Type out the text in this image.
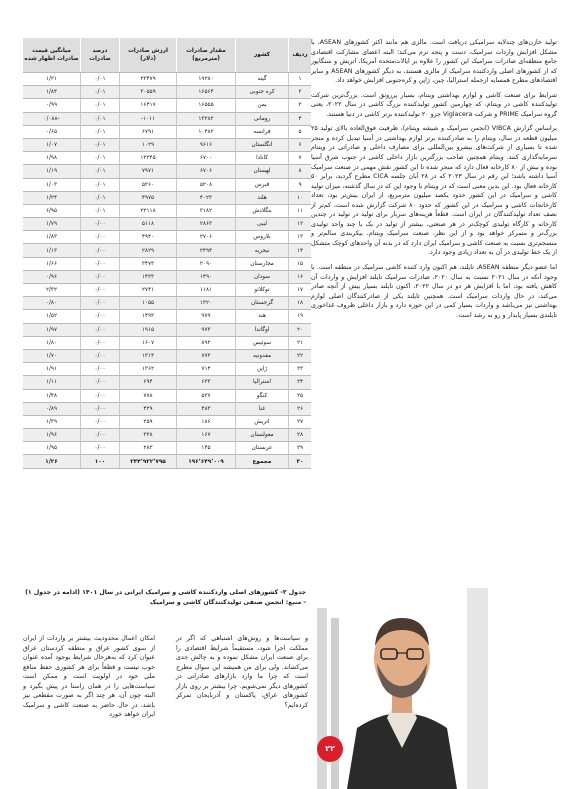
تولید خازن‌های چندلایه سرامیکی دریافت است. مالزی هم مانند اکثر کشورهای ASEAN، با مشکل افزایش واردات سرامیک، دست‌ و پنجه نرم می‌کند؛ البته اعضای مشارکت اقتصادی جامع منطقه‌ای صادرات سرامیک این کشور را علاوه بر ایالات‌متحده آمریکا، اتریش و سنگاپور که از کشورهای اصلی واردکننده سرامیک از مالزی هستند، به دیگر کشورهای ASEAN و سایر اقتصادهای مطرح همسایه ازجمله استرالیا، چین، ژاپن و کره‌جنوبی افزایش خواهد داد.

شرایط برای صنعت کاشی و لوازم بهداشتی ویتنام، بسیار پررونق است. بزرگ‌ترین شرکت تولیدکننده کاشی در ویتنام، که چهارمین کشور تولیدکننده بزرگ کاشی در سال ۲۰۲۲، یعنی گروه سرامیک PRIME و شرکت Viglacera جزو ۲۰ تولیدکننده برتر کاشی در دنیا هستند.

براساس گزارش VIBCA (انجمن سرامیک و شیشه ویتنام)، ظرفیت فوق‌العاده بالای تولید ۲۵ میلیون قطعه در سال، ویتنام را به صادرکننده برتر لوازم بهداشتی در آسیا تبدیل کرده و منجر شده تا بسیاری از شرکت‌های بیشرو بین‌المللی برای مصارف داخلی و صادراتی در ویتنام سرمایه‌گذاری کنند. ویتنام همچنین صاحب بزرگترین بازار داخلی کاشی در جنوب شرق آسیا بوده و بیش از ۸۰ کارخانه فعال دارد که منجر شده تا این کشور نقش مهمی در صنعت سرامیک آسیا داشته باشد؛ این رقم در سال ۲۰۲۳ که در ۲۸ آبان جلسه CICA مطرح گردید، برابر ۵۰ کارخانه فعال بود. این بدین معنی است که در ویتنام با وجود این که در سال گذشته، میزان تولید کاشی و سرامیک در این کشور حدود یکصد میلیون مترمربع، از ایران بیش‌تر بود، تعداد کارخانجات کاشی و سرامیک در این کشور که حدود ۸۰ شرکت گزارش شده است، کم‌تر از نصف تعداد تولیدکنندگان در ایران است. قطعاً هزینه‌های سربار برای تولید در تولید در چندین کارخانه و کارگاه تولیدی کوچک‌تر در هر صنعتی، بیشتر از تولید در یک یا چند واحد تولیدی بزرگ‌تر و متمرکز خواهد بود و از این نظر، صنعت سرامیک ویتنام، بیکربندی سالم‌تر و منسجم‌تری نسبت به صنعت کاشی و سرامیک ایران دارد که در بدنه آن واحدهای کوچک متشکل از یک خط تولیدی در آن به تعداد زیادی وجود دارد.

اما عضو دیگر منطقه ASEAN، تایلند، هم اکنون وارد کننده کاشی سرامیک در منطقه است. با وجود آنکه در سال ۲۰۲۱ نسبت به سال ۲۰۲۰، صادرات سرامیک تایلند افزایش و واردات آن کاهش یافته بود، اما با افزایش هر دو در سال ۲۰۲۲، اکنون تایلند بسیار بیش از آنچه صادر می‌کند، در حال واردات سرامیک است. همچنین تایلند یکی از صادرکنندگان اصلی لوازم بهداشتی نیز می‌باشد و واردات بسیار کمی در این حوزه دارد و بازار داخلی ظروف غذاخوری تایلندی بسیار پایدار و رو به رشد است.

ردیف	کشور	مقدار صادرات (مترمربع)	ارزش صادرات (دلار)	درصد صادرات	میانگین قیمت صادرات اظهار شده
۱	گینه	۱۹۲۸۰	۲۳۴۷۹	۰/۰۱	۱/۲۱
۲	کره جنوبی	۱۶۵۶۴	۳۰۵۵۹	۰/۰۱	۱/۸۴
۳	یمن	۱۶۵۵۵	۱۶۴۱۷	۰/۰۱	۰/۹۹
۴	رومانی	۱۳۲۸۲	۱۰۱۱-	۰/۰۱	-۰/۰۸۸
۵	فرانسه	۱۰۴۸۲	۶۷۹۱	۰/۰۱	۰/۶۵
۶	انگلستان	۹۶۱۶	۱۰۲۹	۰/۰۱	۱/۰۷
۷	کانادا	۶۷۰۰	۱۳۲۴۵	۰/۰۱	۱/۹۸
۸	لهستان	۶۷۰۶	۷۹۷۱	۰/۰۱	۱/۱۹
۹	قبرس	۵۲۰۸	۵۳۶۰	۰/۰۱	۱/۰۳
۱۰	هلند	۴۰۲۳	۴۹۷۵	۰/۰۱	۱/۲۴
۱۱	بنگلادش	۳۱۸۲	۲۲۱۱۸	۰/۰۱	۶/۹۵
۱۲	لیبی	۲۸۶۳	۵۱۱۸	۰/۰۰	۱/۷۹
۱۳	بلاروس	۲۷۰۶	۴۹۴۰	۰/۰۰	۱/۸۳
۱۴	نیجریه	۲۴۹۴	۲۸۲۹	۰/۰۰	۱/۱۳
۱۵	مجارستان	۲۰۹۰	۳۴۷۳	۰/۰۰	۱/۶۶
۱۶	سودان	۱۴۹۰	۱۴۲۳	۰/۰۰	۰/۹۶
۱۷	توکلائو	۱۱۸۱	۲۷۴۱	۰/۰۰	۲/۳۲
۱۸	گرجستان	۱۳۲۰	۱۰۵۵	۰/۰۰	۰/۸۰
۱۹	هند	۹۷۹	۱۴۹۲	۰/۰۰	۱/۵۲
۲۰	اوگاندا	۹۷۳	۱۹۱۵	۰/۰۰	۱/۹۷
۲۱	سوئیس	۸۹۲	۱۶۰۷	۰/۰۰	۱/۸۰
۲۲	مقدونیه	۷۷۲	۱۳۱۴	۰/۰۰	۱/۷۰
۲۳	ژاپن	۷۱۴	۱۳۶۲	۰/۰۰	۱/۹۱
۲۴	استرالیا	۶۲۳	۶۹۴	۰/۰۰	۱/۱۱
۲۵	کنگو	۵۲۷	۷۷۸	۰/۰۰	۱/۴۸
۲۶	غنا	۴۸۳	۴۲۹	۰/۰۰	۰/۸۹
۲۷	اتریش	۱۸۶	۲۵۹	۰/۰۰	۱/۳۹
۲۸	مغولستان	۱۶۷	۳۲۸	۰/۰۰	۱/۹۶
۲۹	عربستان	۱۴۵	۲۸۳	۰/۰۰	۱/۹۵
۳۰	مجموع	۱۹۶٬۶۴۹٬۰۰۹	۲۴۴٬۹۳۲٬۷۹۵	۱۰۰	۱/۲۶
جدول ۲- کشورهای اصلی واردکننده کاشی و سرامیک ایرانی در سال ۱۴۰۱ (ادامه در جدول ۱) - منبع: انجمن صنفی تولیدکنندگان کاشی و سرامیک
و سیاست‌ها و روش‌های اشتباهی که اگر در مملکت اجرا شود، مستقیماً شرایط اقتصادی را برای صنعت ایران مشکل نموده و به چالش جدی می‌کشاند. ولی برای من همیشه این سوال مطرح است که چرا ما وارد بازارهای صادراتی در کشورهای دیگر نمی‌شویم. چرا بیشتر بر روی بازار کشورهای عراق، پاکستان و آذربایجان تمرکز کرده‌ایم؟
امکان اعمال محدودیت بیشتر بر واردات از ایران از سوی کشور عراق و منطقه کردستان عراق عنوان کرد که به‌هرحال شرایط بوجود آمده عنوان خوب نیست و قطعاً برای هر کشوری حفظ منافع ملی خود در اولویت است و ممکن است سیاست‌هایی را در همان راستا در پیش بگیرد و البته چون آن، هر چند اگر به صورت مقطعی نیز باشد، در حال حاضر به صنعت کاشی و سرامیک ایران خواهد خورد
۲۲
